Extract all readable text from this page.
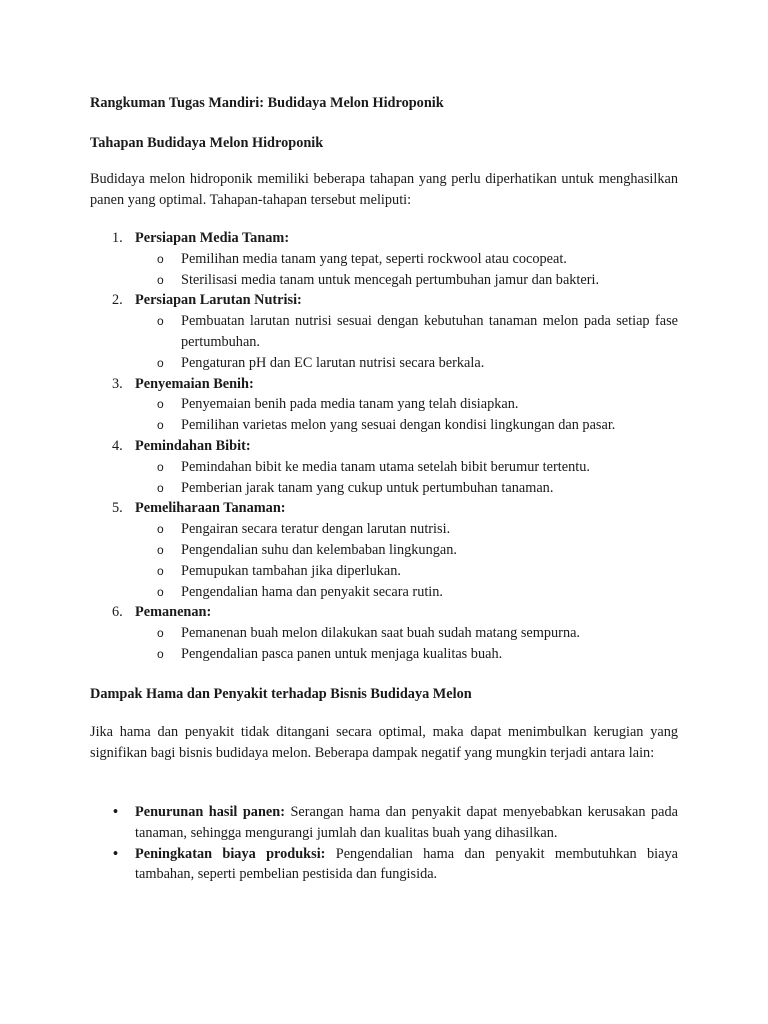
Rangkuman Tugas Mandiri: Budidaya Melon Hidroponik
Tahapan Budidaya Melon Hidroponik
Budidaya melon hidroponik memiliki beberapa tahapan yang perlu diperhatikan untuk menghasilkan panen yang optimal. Tahapan-tahapan tersebut meliputi:
1. Persiapan Media Tanam:
o Pemilihan media tanam yang tepat, seperti rockwool atau cocopeat.
o Sterilisasi media tanam untuk mencegah pertumbuhan jamur dan bakteri.
2. Persiapan Larutan Nutrisi:
o Pembuatan larutan nutrisi sesuai dengan kebutuhan tanaman melon pada setiap fase pertumbuhan.
o Pengaturan pH dan EC larutan nutrisi secara berkala.
3. Penyemaian Benih:
o Penyemaian benih pada media tanam yang telah disiapkan.
o Pemilihan varietas melon yang sesuai dengan kondisi lingkungan dan pasar.
4. Pemindahan Bibit:
o Pemindahan bibit ke media tanam utama setelah bibit berumur tertentu.
o Pemberian jarak tanam yang cukup untuk pertumbuhan tanaman.
5. Pemeliharaan Tanaman:
o Pengairan secara teratur dengan larutan nutrisi.
o Pengendalian suhu dan kelembaban lingkungan.
o Pemupukan tambahan jika diperlukan.
o Pengendalian hama dan penyakit secara rutin.
6. Pemanenan:
o Pemanenan buah melon dilakukan saat buah sudah matang sempurna.
o Pengendalian pasca panen untuk menjaga kualitas buah.
Dampak Hama dan Penyakit terhadap Bisnis Budidaya Melon
Jika hama dan penyakit tidak ditangani secara optimal, maka dapat menimbulkan kerugian yang signifikan bagi bisnis budidaya melon. Beberapa dampak negatif yang mungkin terjadi antara lain:
• Penurunan hasil panen: Serangan hama dan penyakit dapat menyebabkan kerusakan pada tanaman, sehingga mengurangi jumlah dan kualitas buah yang dihasilkan.
• Peningkatan biaya produksi: Pengendalian hama dan penyakit membutuhkan biaya tambahan, seperti pembelian pestisida dan fungisida.
